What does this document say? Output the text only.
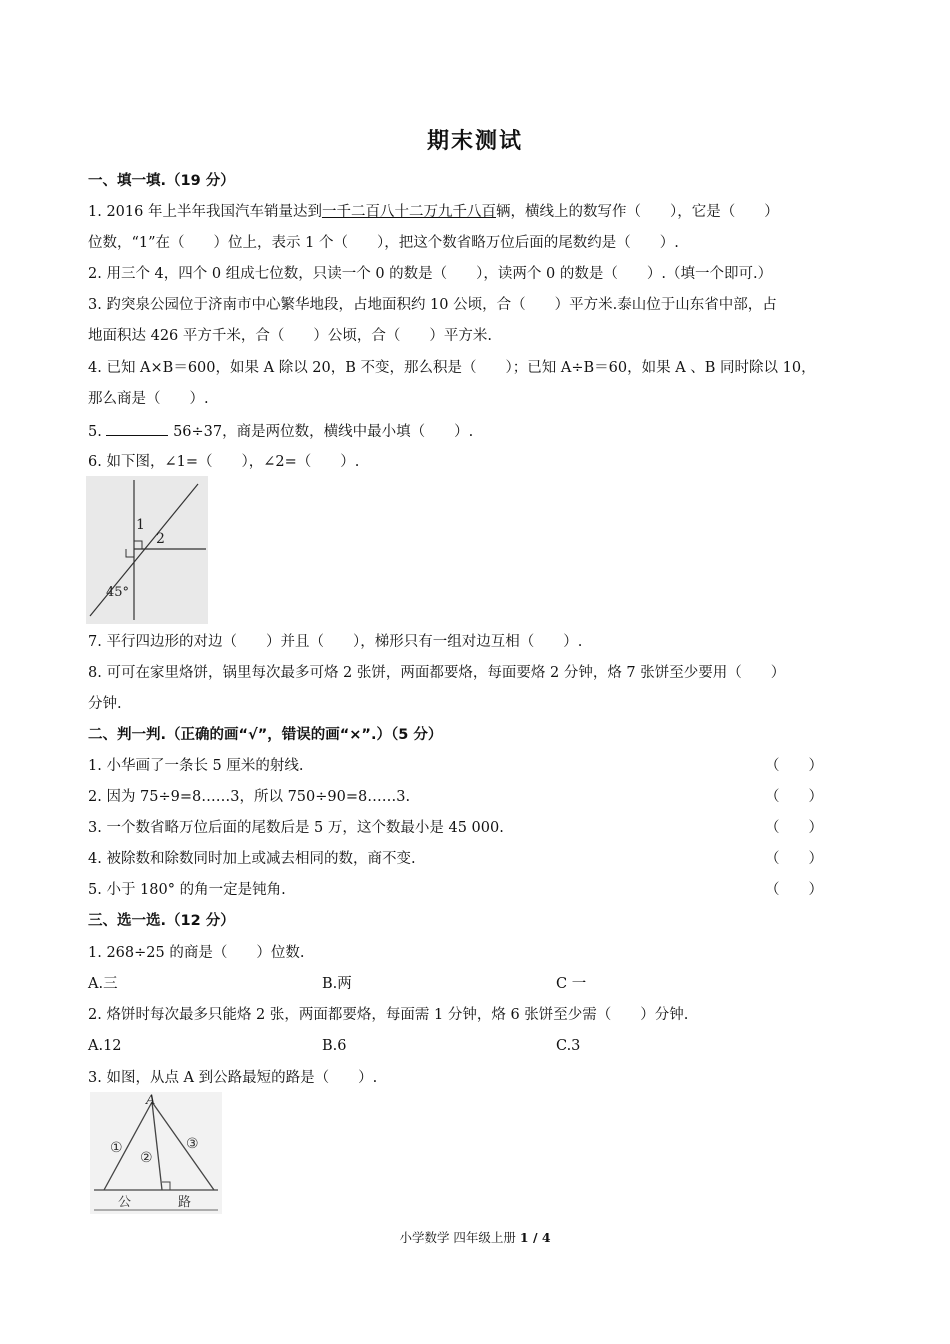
期末测试
一、填一填.（19 分）
1. 2016 年上半年我国汽车销量达到一千二百八十二万九千八百辆，横线上的数写作（　　），它是（　　）
位数，“1”在（　　）位上，表示 1 个（　　），把这个数省略万位后面的尾数约是（　　）.
2. 用三个 4，四个 0 组成七位数，只读一个 0 的数是（　　），读两个 0 的数是（　　）.（填一个即可.）
3. 趵突泉公园位于济南市中心繁华地段，占地面积约 10 公顷，合（　　）平方米.泰山位于山东省中部，占
地面积达 426 平方千米，合（　　）公顷，合（　　）平方米.
4. 已知 A×B＝600，如果 A 除以 20，B 不变，那么积是（　　）；已知 A÷B＝60，如果 A 、B 同时除以 10，
那么商是（　　）.
5.	56÷37，商是两位数，横线中最小填（　　）.
6. 如下图，∠1=（　　），∠2=（　　）.
1
2
45°
7. 平行四边形的对边（　　）并且（　　），梯形只有一组对边互相（　　）.
8. 可可在家里烙饼，锅里每次最多可烙 2 张饼，两面都要烙，每面要烙 2 分钟，烙 7 张饼至少要用（　　）
分钟.
二、判一判.（正确的画“√”，错误的画“×”.）（5 分）
1. 小华画了一条长 5 厘米的射线.	（　　）
2. 因为 75÷9=8……3，所以 750÷90=8……3.	（　　）
3. 一个数省略万位后面的尾数后是 5 万，这个数最小是 45 000.	（　　）
4. 被除数和除数同时加上或减去相同的数，商不变.	（　　）
5. 小于 180° 的角一定是钝角.	（　　）
三、选一选.（12 分）
1. 268÷25 的商是（　　）位数.
A.三	B.两	C 一
2. 烙饼时每次最多只能烙 2 张，两面都要烙，每面需 1 分钟，烙 6 张饼至少需（　　）分钟.
A.12	B.6	C.3
3. 如图，从点 A 到公路最短的路是（　　）.
A
①
②
③
公	路
小学数学 四年级上册 1 / 4
